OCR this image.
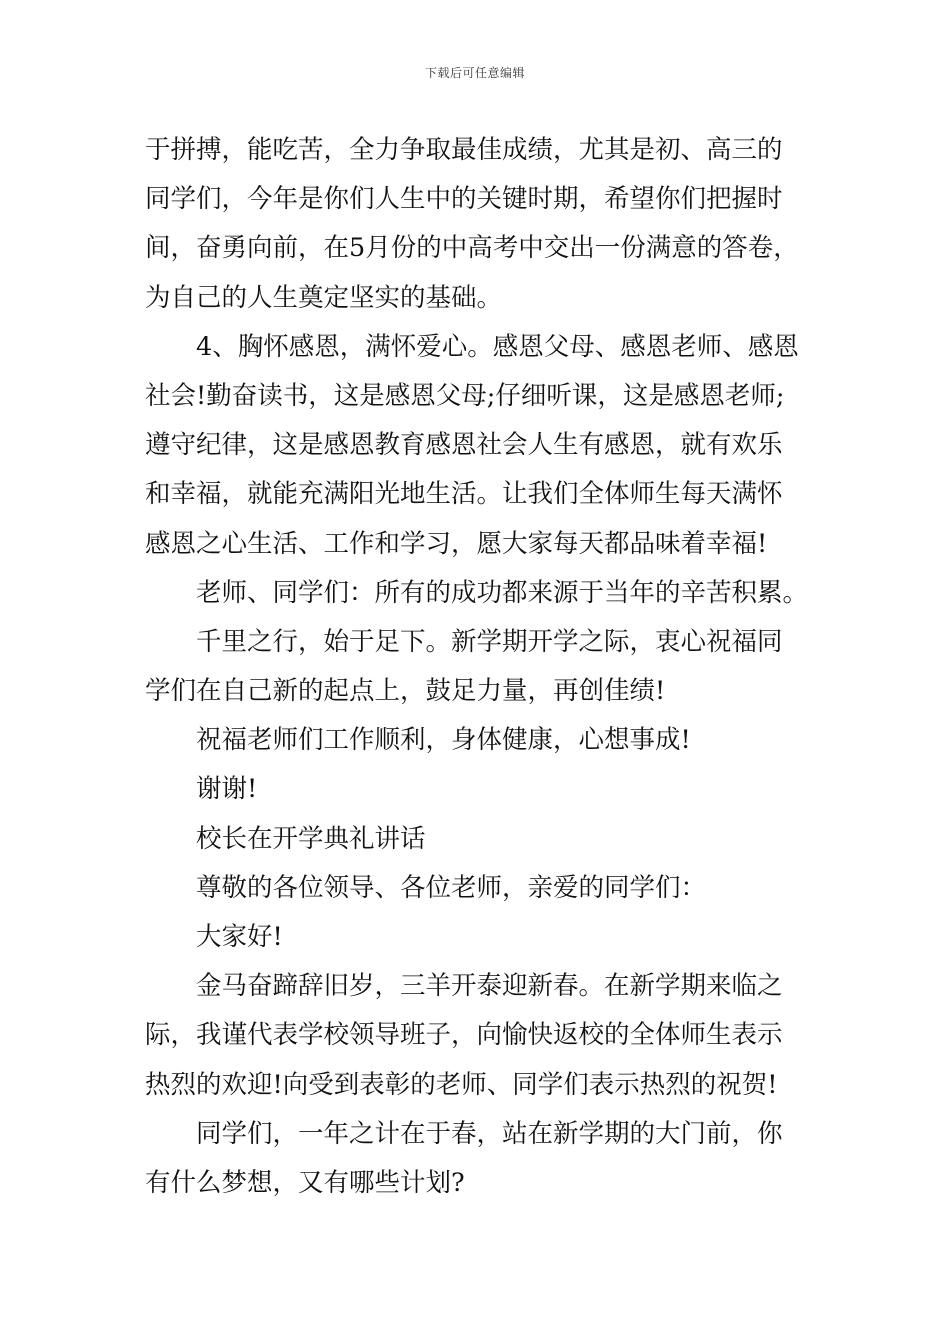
下载后可任意编辑
于拼搏，能吃苦，全力争取最佳成绩，尤其是初、高三的
同学们，今年是你们人生中的关键时期，希望你们把握时
间，奋勇向前，在5月份的中高考中交出一份满意的答卷，
为自己的人生奠定坚实的基础。
4、胸怀感恩，满怀爱心。感恩父母、感恩老师、感恩
社会!勤奋读书，这是感恩父母;仔细听课，这是感恩老师;
遵守纪律，这是感恩教育感恩社会人生有感恩，就有欢乐
和幸福，就能充满阳光地生活。让我们全体师生每天满怀
感恩之心生活、工作和学习，愿大家每天都品味着幸福!
老师、同学们：所有的成功都来源于当年的辛苦积累。
千里之行，始于足下。新学期开学之际，衷心祝福同
学们在自己新的起点上，鼓足力量，再创佳绩!
祝福老师们工作顺利，身体健康，心想事成!
谢谢!
校长在开学典礼讲话
尊敬的各位领导、各位老师，亲爱的同学们：
大家好!
金马奋蹄辞旧岁，三羊开泰迎新春。在新学期来临之
际，我谨代表学校领导班子，向愉快返校的全体师生表示
热烈的欢迎!向受到表彰的老师、同学们表示热烈的祝贺!
同学们，一年之计在于春，站在新学期的大门前，你
有什么梦想，又有哪些计划?
